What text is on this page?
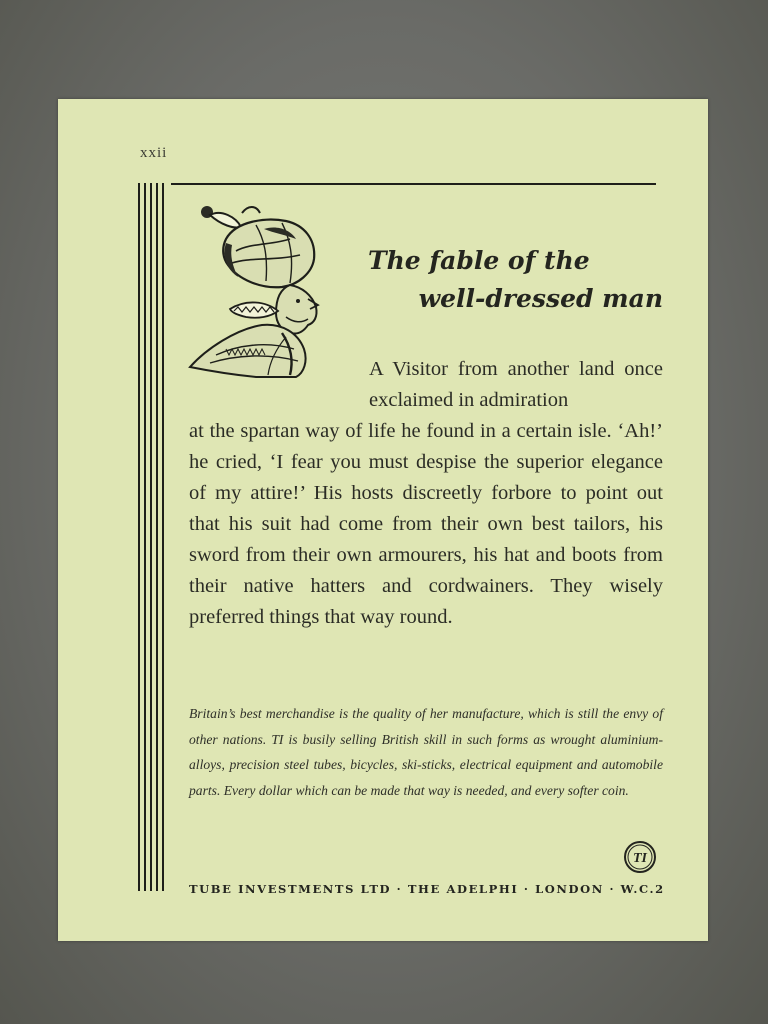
xxii
The fable of the
well-dressed man

A Visitor from another land once exclaimed in admiration

at the spartan way of life he found in a certain isle. ‘Ah!’ he cried, ‘I fear you must despise the superior elegance of my attire!’ His hosts discreetly forbore to point out that his suit had come from their own best tailors, his sword from their own armourers, his hat and boots from their native hatters and cordwainers. They wisely preferred things that way round.

Britain’s best merchandise is the quality of her manufacture, which is still the envy of other nations. TI is busily selling British skill in such forms as wrought aluminium-alloys, precision steel tubes, bicycles, ski-sticks, electrical equipment and automobile parts. Every dollar which can be made that way is needed, and every softer coin.
TI
TUBE INVESTMENTS LTD · THE ADELPHI · LONDON · W.C.2
